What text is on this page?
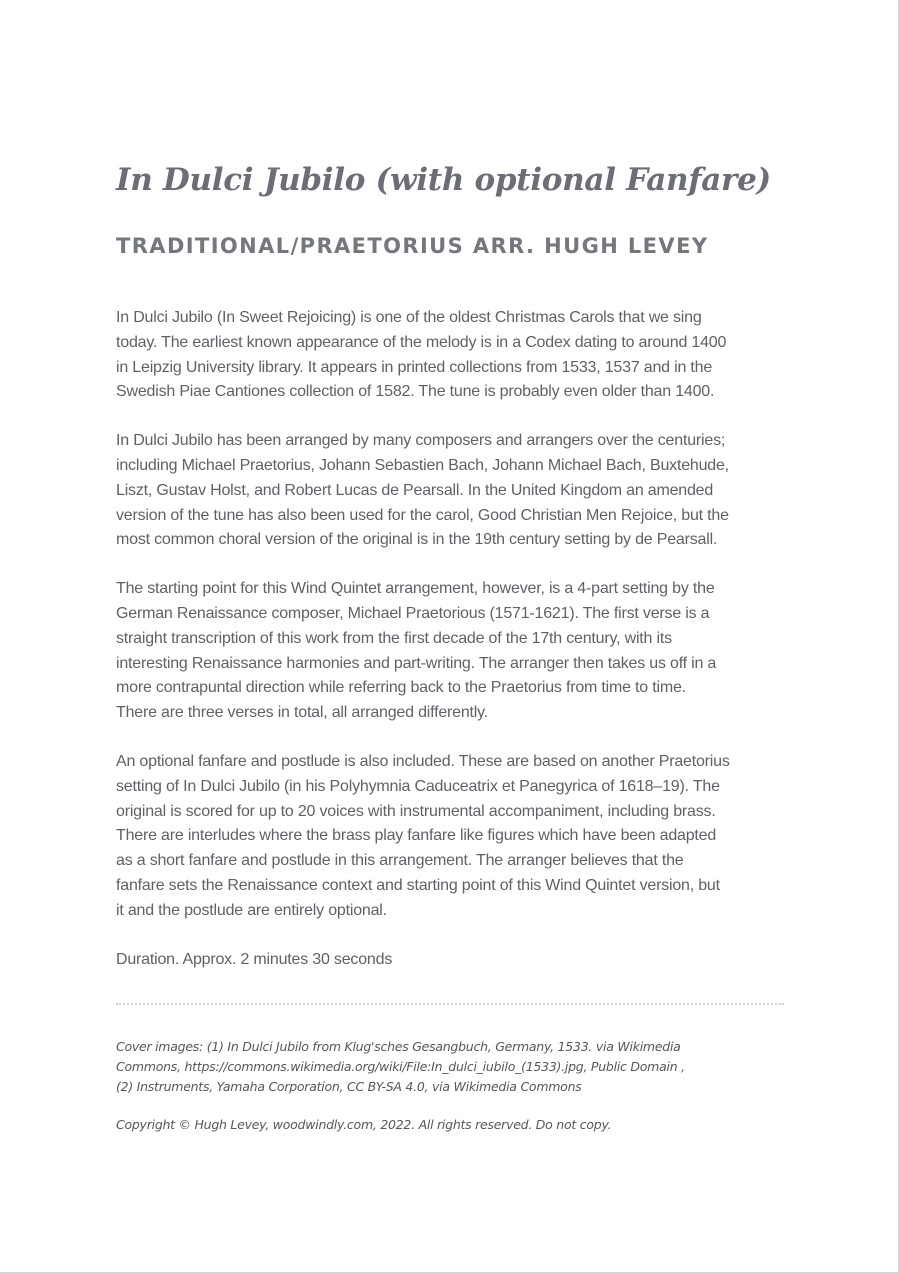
In Dulci Jubilo (with optional Fanfare)
TRADITIONAL/PRAETORIUS ARR. HUGH LEVEY

In Dulci Jubilo (In Sweet Rejoicing) is one of the oldest Christmas Carols that we sing
today. The earliest known appearance of the melody is in a Codex dating to around 1400
in Leipzig University library. It appears in printed collections from 1533, 1537 and in the
Swedish Piae Cantiones collection of 1582. The tune is probably even older than 1400.

In Dulci Jubilo has been arranged by many composers and arrangers over the centuries;
including Michael Praetorius, Johann Sebastien Bach, Johann Michael Bach, Buxtehude,
Liszt, Gustav Holst, and Robert Lucas de Pearsall. In the United Kingdom an amended
version of the tune has also been used for the carol, Good Christian Men Rejoice, but the
most common choral version of the original is in the 19th century setting by de Pearsall.

The starting point for this Wind Quintet arrangement, however, is a 4-part setting by the
German Renaissance composer, Michael Praetorious (1571-1621). The first verse is a
straight transcription of this work from the first decade of the 17th century, with its
interesting Renaissance harmonies and part-writing. The arranger then takes us off in a
more contrapuntal direction while referring back to the Praetorius from time to time.
There are three verses in total, all arranged differently.

An optional fanfare and postlude is also included. These are based on another Praetorius
setting of In Dulci Jubilo (in his Polyhymnia Caduceatrix et Panegyrica of 1618–19). The
original is scored for up to 20 voices with instrumental accompaniment, including brass.
There are interludes where the brass play fanfare like figures which have been adapted
as a short fanfare and postlude in this arrangement. The arranger believes that the
fanfare sets the Renaissance context and starting point of this Wind Quintet version, but
it and the postlude are entirely optional.

Duration. Approx. 2 minutes 30 seconds

Cover images: (1) In Dulci Jubilo from Klug'sches Gesangbuch, Germany, 1533. via Wikimedia
Commons, https://commons.wikimedia.org/wiki/File:In_dulci_iubilo_(1533).jpg, Public Domain ,
(2) Instruments, Yamaha Corporation, CC BY-SA 4.0, via Wikimedia Commons

Copyright © Hugh Levey, woodwindly.com, 2022. All rights reserved. Do not copy.
